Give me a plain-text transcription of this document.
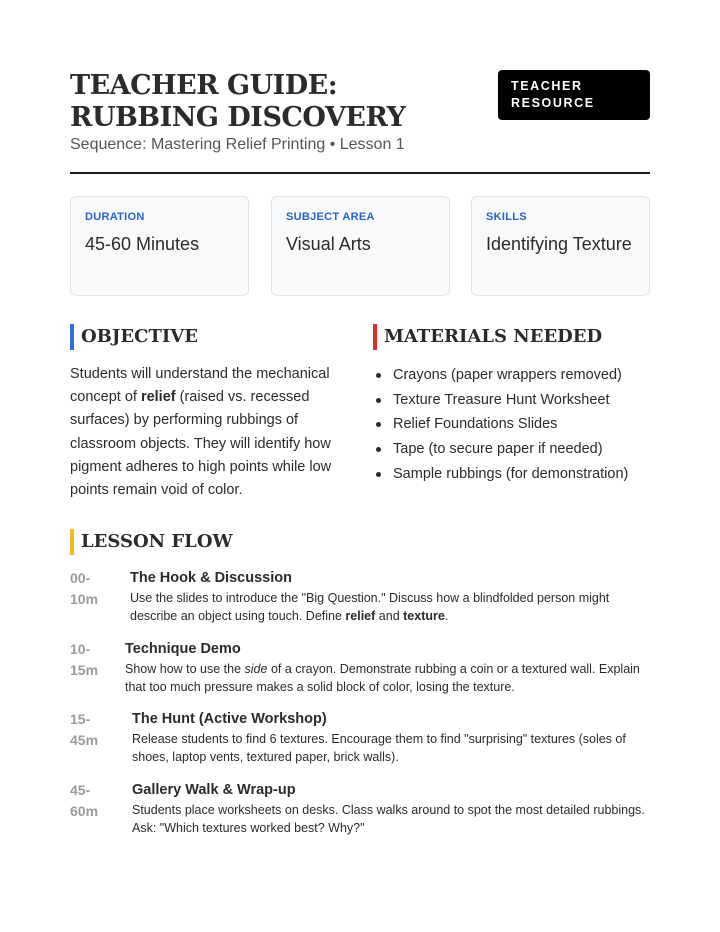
TEACHER GUIDE: RUBBING DISCOVERY
Sequence: Mastering Relief Printing • Lesson 1
TEACHER
RESOURCE
DURATION
45-60 Minutes
SUBJECT AREA
Visual Arts
SKILLS
Identifying Texture
OBJECTIVE

Students will understand the mechanical concept of relief (raised vs. recessed surfaces) by performing rubbings of classroom objects. They will identify how pigment adheres to high points while low points remain void of color.

MATERIALS NEEDED
Crayons (paper wrappers removed)
Texture Treasure Hunt Worksheet
Relief Foundations Slides
Tape (to secure paper if needed)
Sample rubbings (for demonstration)
LESSON FLOW
00-
10m
The Hook & Discussion
Use the slides to introduce the "Big Question." Discuss how a blindfolded person might describe an object using touch. Define relief and texture.
10-
15m
Technique Demo
Show how to use the side of a crayon. Demonstrate rubbing a coin or a textured wall. Explain that too much pressure makes a solid block of color, losing the texture.
15-
45m
The Hunt (Active Workshop)
Release students to find 6 textures. Encourage them to find "surprising" textures (soles of shoes, laptop vents, textured paper, brick walls).
45-
60m
Gallery Walk & Wrap-up
Students place worksheets on desks. Class walks around to spot the most detailed rubbings. Ask: "Which textures worked best? Why?"
